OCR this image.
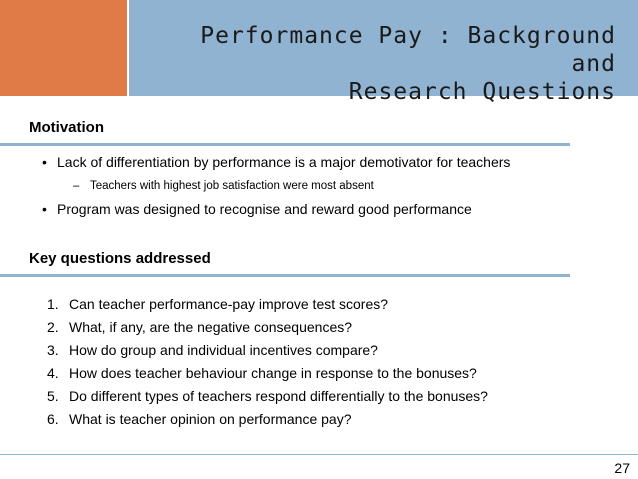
Performance Pay : Background and
Research Questions
Motivation
• Lack of differentiation by performance is a major demotivator for teachers
– Teachers with highest job satisfaction were most absent
• Program was designed to recognise and reward good performance
Key questions addressed
1. Can teacher performance-pay improve test scores?
2. What, if any, are the negative consequences?
3. How do group and individual incentives compare?
4. How does teacher behaviour change in response to the bonuses?
5. Do different types of teachers respond differentially to the bonuses?
6. What is teacher opinion on performance pay?
27
